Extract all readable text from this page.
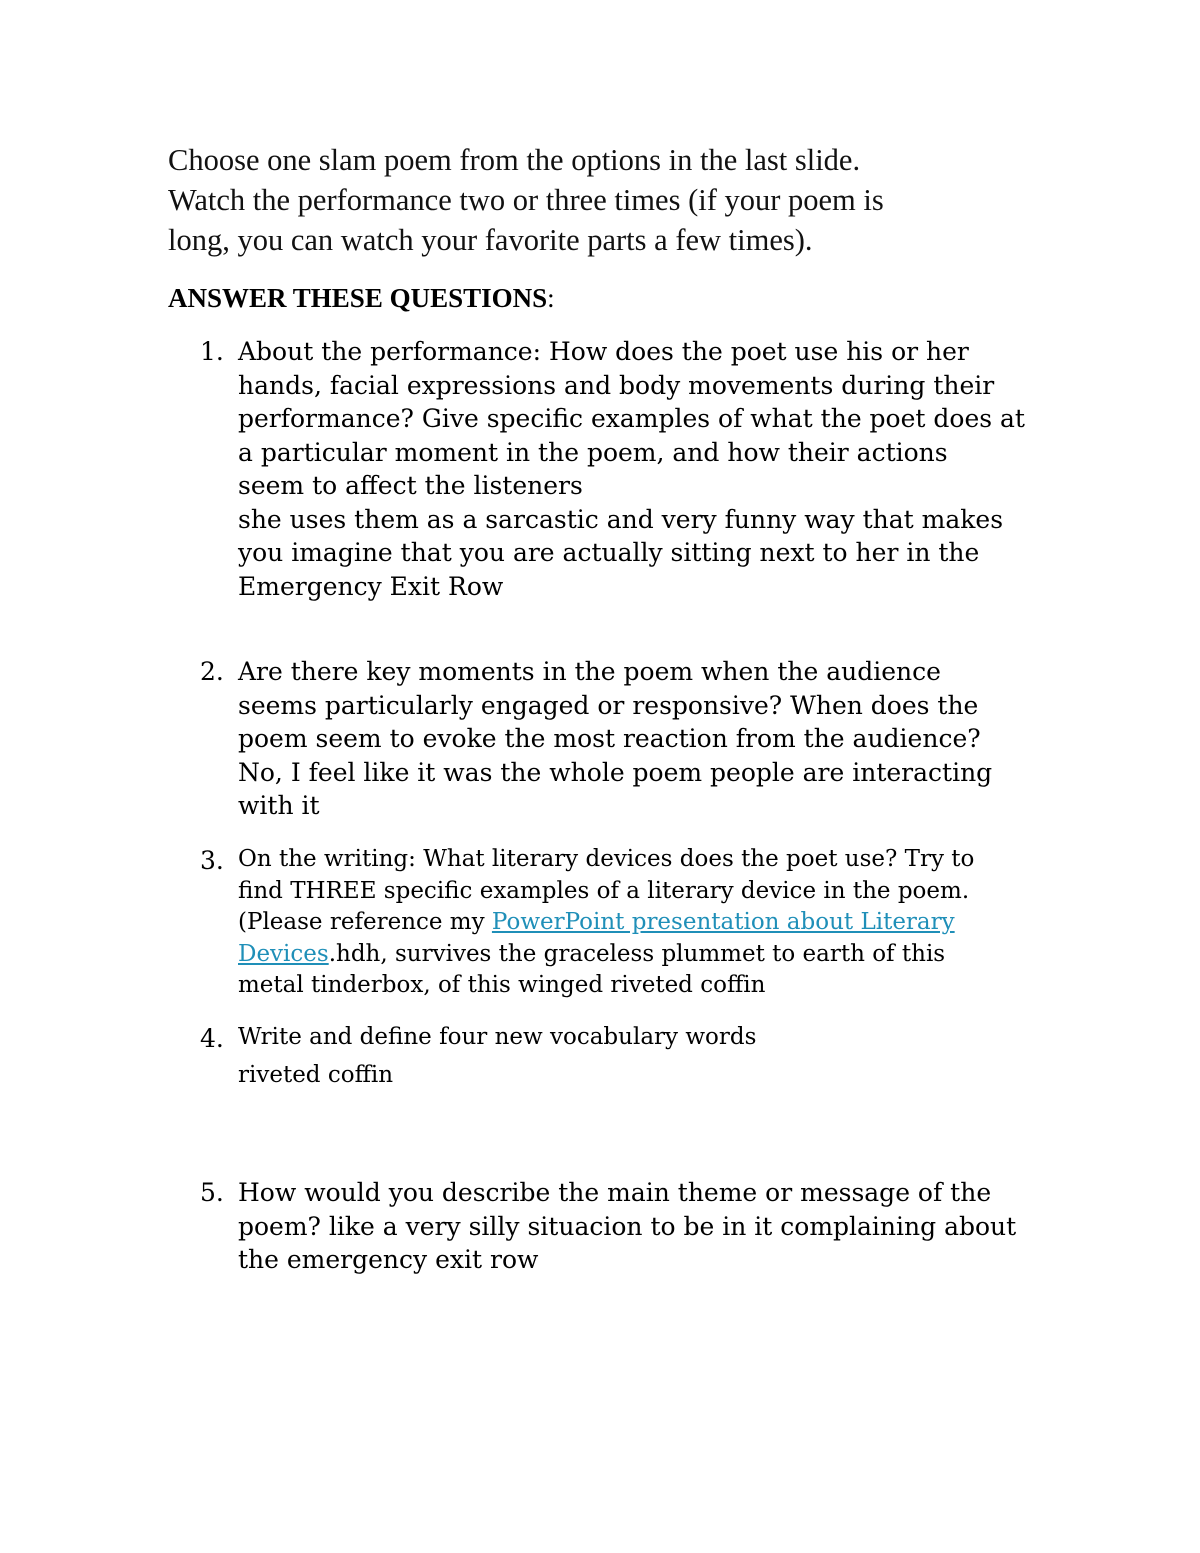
Choose one slam poem from the options in the last slide.
Watch the performance two or three times (if your poem is
long, you can watch your favorite parts a few times).
ANSWER THESE QUESTIONS:
1. About the performance: How does the poet use his or her
hands, facial expressions and body movements during their
performance? Give specific examples of what the poet does at
a particular moment in the poem, and how their actions
seem to affect the listeners
she uses them as a sarcastic and very funny way that makes
you imagine that you are actually sitting next to her in the
Emergency Exit Row
2. Are there key moments in the poem when the audience
seems particularly engaged or responsive? When does the
poem seem to evoke the most reaction from the audience?
No, I feel like it was the whole poem people are interacting
with it
3. On the writing: What literary devices does the poet use? Try to
find THREE specific examples of a literary device in the poem.
(Please reference my PowerPoint presentation about Literary
Devices.hdh, survives the graceless plummet to earth of this
metal tinderbox, of this winged riveted coffin
4. Write and define four new vocabulary words
riveted coffin
5. How would you describe the main theme or message of the
poem? like a very silly situacion to be in it complaining about
the emergency exit row
